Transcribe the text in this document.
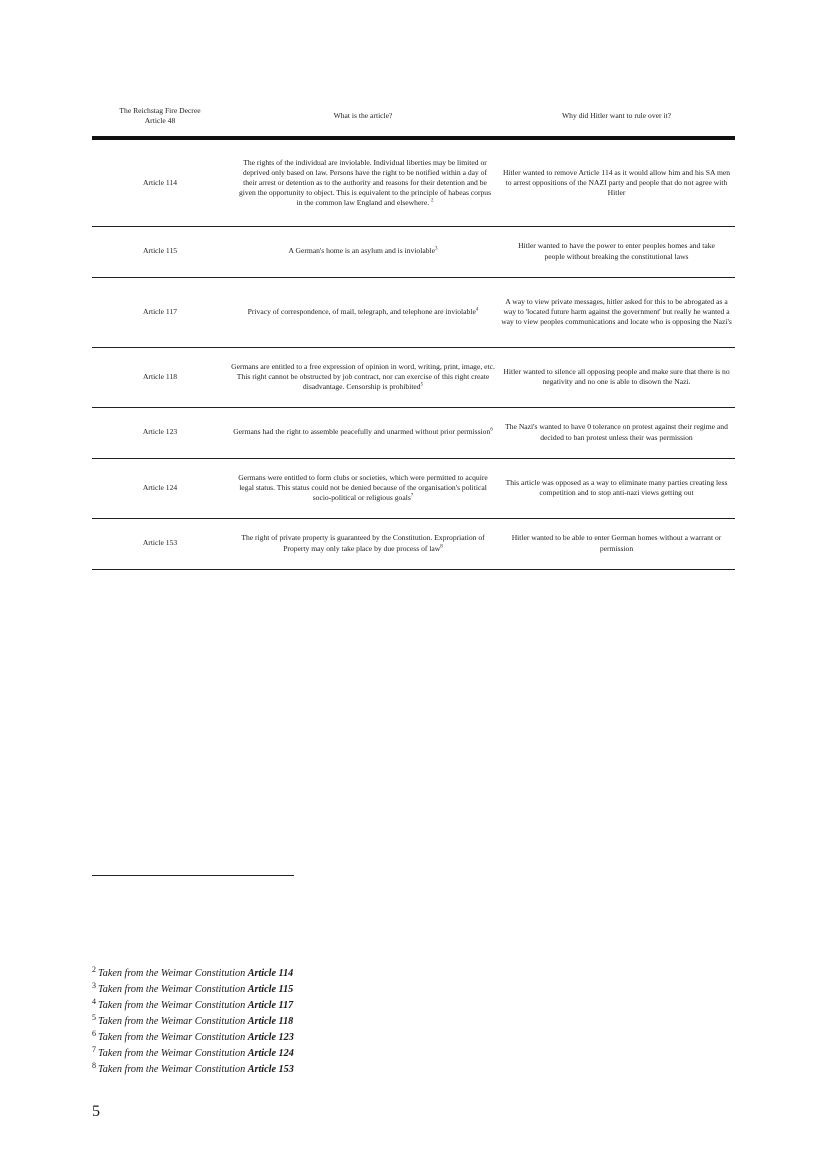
The Reichstag Fire Decree
Article 48	What is the article?	Why did Hitler want to rule over it?
Article 114	The rights of the individual are inviolable. Individual liberties may be limited or deprived only based on law. Persons have the right to be notified within a day of their arrest or detention as to the authority and reasons for their detention and be given the opportunity to object. This is equivalent to the principle of habeas corpus in the common law England and elsewhere. $^2$	Hitler wanted to remove Article 114 as it would allow him and his SA men to arrest oppositions of the NAZI party and people that do not agree with Hitler
Article 115	A German's home is an asylum and is inviolable$^3$	Hitler wanted to have the power to enter peoples homes and take people without breaking the constitutional laws
Article 117	Privacy of correspondence, of mail, telegraph, and telephone are inviolable$^4$	A way to view private messages, hitler asked for this to be abrogated as a way to 'located future harm against the government' but really he wanted a way to view peoples communications and locate who is opposing the Nazi's
Article 118	Germans are entitled to a free expression of opinion in word, writing, print, image, etc. This right cannot be obstructed by job contract, nor can exercise of this right create disadvantage. Censorship is prohibited$^5$	Hitler wanted to silence all opposing people and make sure that there is no negativity and no one is able to disown the Nazi.
Article 123	Germans had the right to assemble peacefully and unarmed without prior permission$^6$	The Nazi's wanted to have 0 tolerance on protest against their regime and decided to ban protest unless their was permission
Article 124	Germans were entitled to form clubs or societies, which were permitted to acquire legal status. This status could not be denied because of the organisation's political socio-political or religious goals$^7$	This article was opposed as a way to eliminate many parties creating less competition and to stop anti-nazi views getting out
Article 153	The right of private property is guaranteed by the Constitution. Expropriation of Property may only take place by due process of law$^8$	Hitler wanted to be able to enter German homes without a warrant or permission
$^2$ Taken from the Weimar Constitution Article 114
$^3$ Taken from the Weimar Constitution Article 115
$^4$ Taken from the Weimar Constitution Article 117
$^5$ Taken from the Weimar Constitution Article 118
$^6$ Taken from the Weimar Constitution Article 123
$^7$ Taken from the Weimar Constitution Article 124
$^8$ Taken from the Weimar Constitution Article 153
5
